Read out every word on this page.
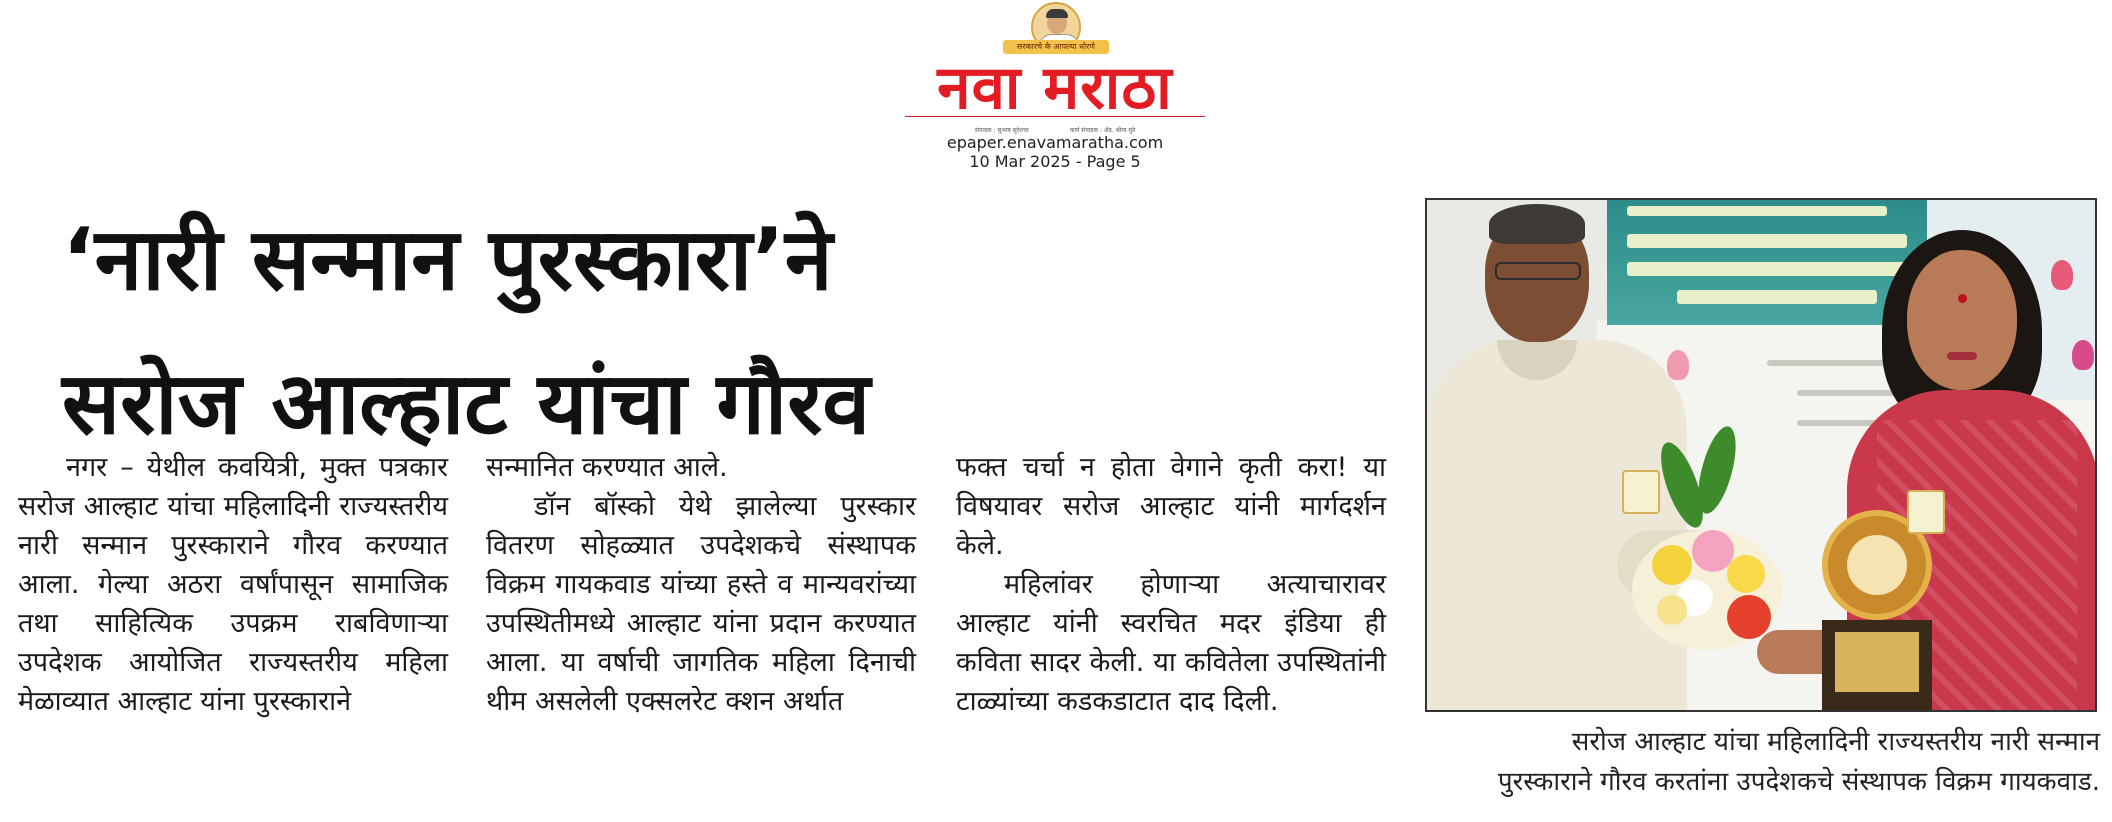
सरकारचे के आपल्या धोरणे
नवा मराठा
संपादक : सुभाष सुरेशचा	कार्य संपादक : ॲड. श्रीमा मुंडे
epaper.enavamaratha.com
10 Mar 2025 - Page 5
‘नारी सन्मान पुरस्कारा’ने
सरोज आल्हाट यांचा गौरव

नगर – येथील कवयित्री, मुक्त पत्रकार सरोज आल्हाट यांचा महिलादिनी राज्यस्तरीय नारी सन्मान पुरस्काराने गौरव करण्यात आला. गेल्या अठरा वर्षांपासून सामाजिक तथा साहित्यिक उपक्रम राबविणाऱ्या उपदेशक आयोजित राज्यस्तरीय महिला मेळाव्यात आल्हाट यांना पुरस्काराने

सन्मानित करण्यात आले.

डॉन बॉस्को येथे झालेल्या पुरस्कार वितरण सोहळ्यात उपदेशकचे संस्थापक विक्रम गायकवाड यांच्या हस्ते व मान्यवरांच्या उपस्थितीमध्ये आल्हाट यांना प्रदान करण्यात आला. या वर्षाची जागतिक महिला दिनाची थीम असलेली एक्सलरेट क्शन अर्थात

फक्त चर्चा न होता वेगाने कृती करा! या विषयावर सरोज आल्हाट यांनी मार्गदर्शन केले.

महिलांवर होणाऱ्या अत्याचारावर आल्हाट यांनी स्वरचित मदर इंडिया ही कविता सादर केली. या कवितेला उपस्थितांनी टाळ्यांच्या कडकडाटात दाद दिली.

सरोज आल्हाट यांचा महिलादिनी राज्यस्तरीय नारी सन्मान

पुरस्काराने गौरव करतांना उपदेशकचे संस्थापक विक्रम गायकवाड.
